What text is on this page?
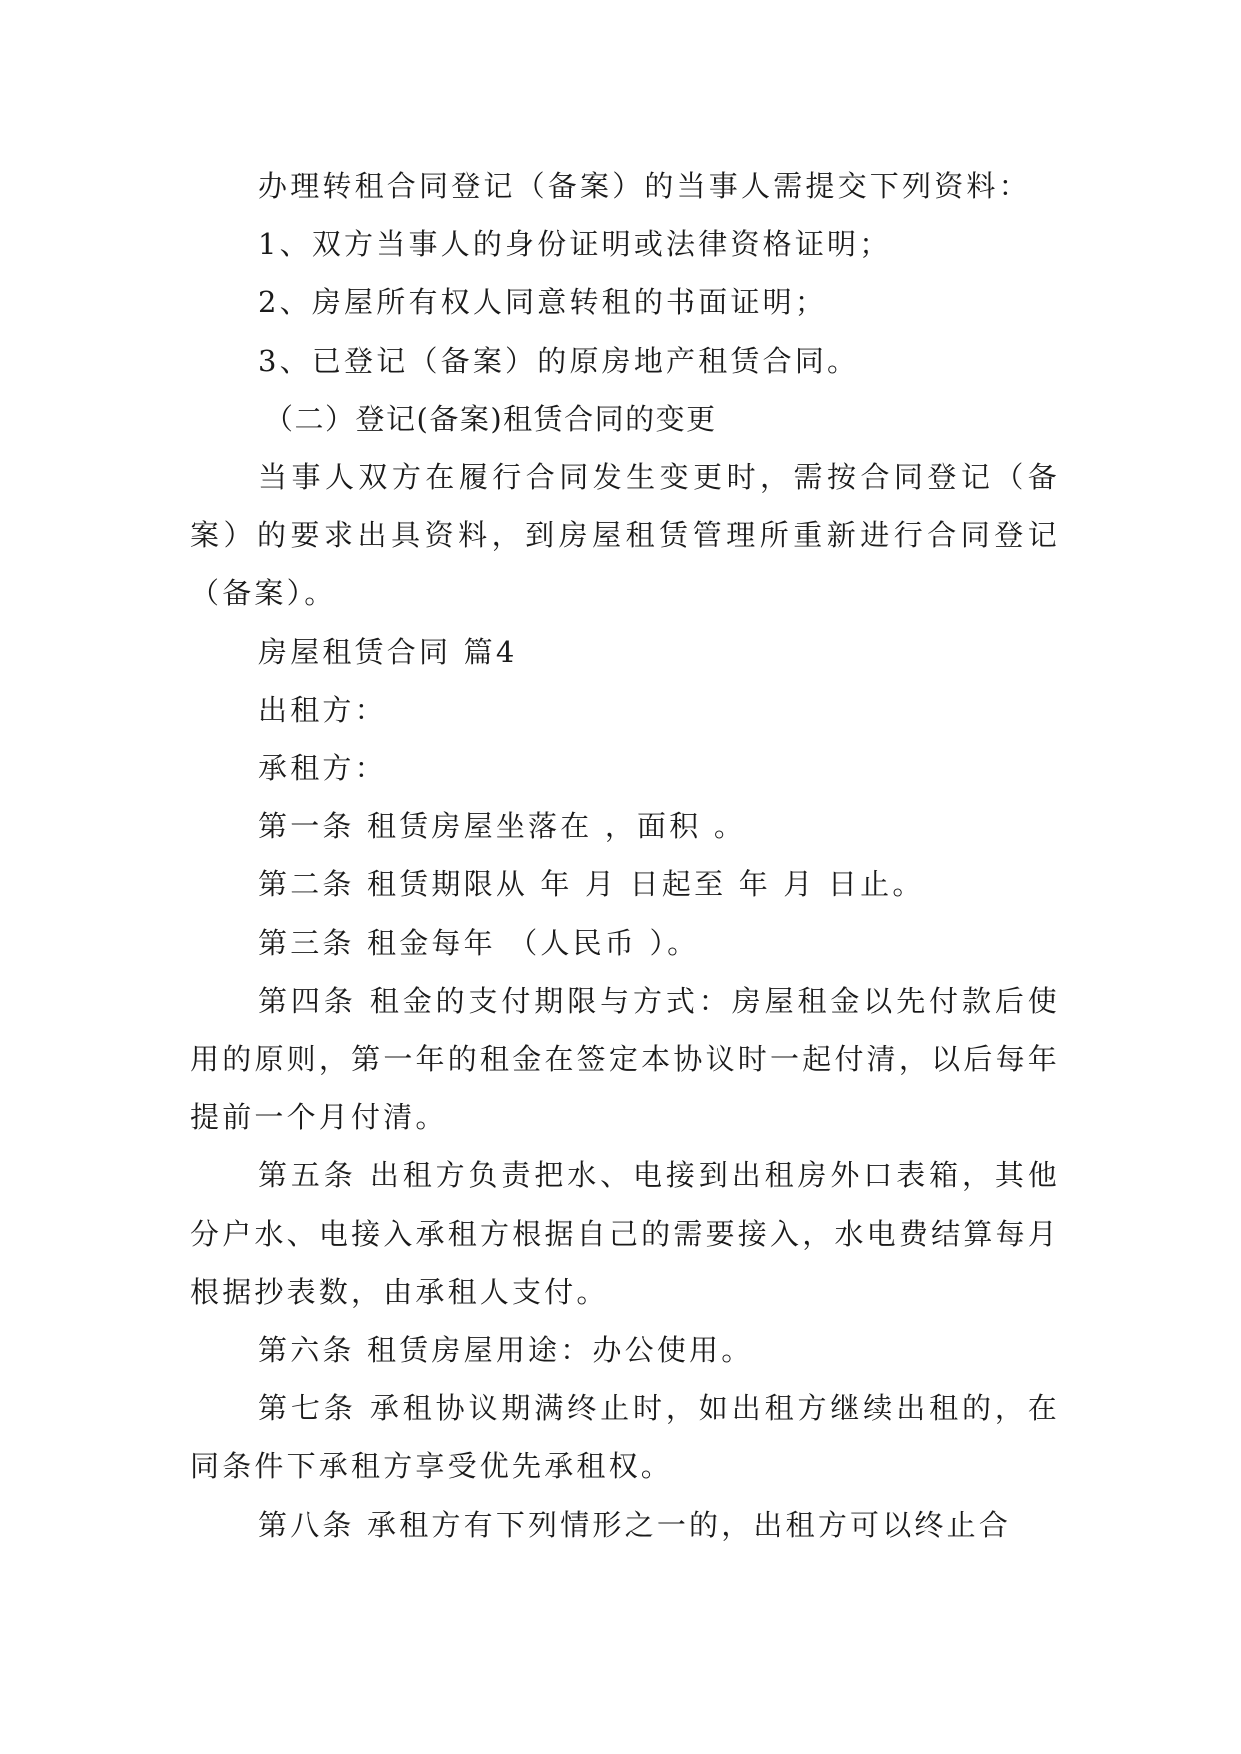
办理转租合同登记（备案）的当事人需提交下列资料：

1、双方当事人的身份证明或法律资格证明；

2、房屋所有权人同意转租的书面证明；

3、已登记（备案）的原房地产租赁合同。

（二）登记(备案)租赁合同的变更

当事人双方在履行合同发生变更时，需按合同登记（备案）的要求出具资料，到房屋租赁管理所重新进行合同登记（备案）。

房屋租赁合同 篇4

出租方：

承租方：

第一条 租赁房屋坐落在 ，面积 。

第二条 租赁期限从 年 月 日起至 年 月 日止。

第三条 租金每年 （人民币 ）。

第四条 租金的支付期限与方式：房屋租金以先付款后使用的原则，第一年的租金在签定本协议时一起付清，以后每年提前一个月付清。

第五条 出租方负责把水、电接到出租房外口表箱，其他分户水、电接入承租方根据自己的需要接入，水电费结算每月根据抄表数，由承租人支付。

第六条 租赁房屋用途：办公使用。

第七条 承租协议期满终止时，如出租方继续出租的，在同条件下承租方享受优先承租权。

第八条 承租方有下列情形之一的，出租方可以终止合
